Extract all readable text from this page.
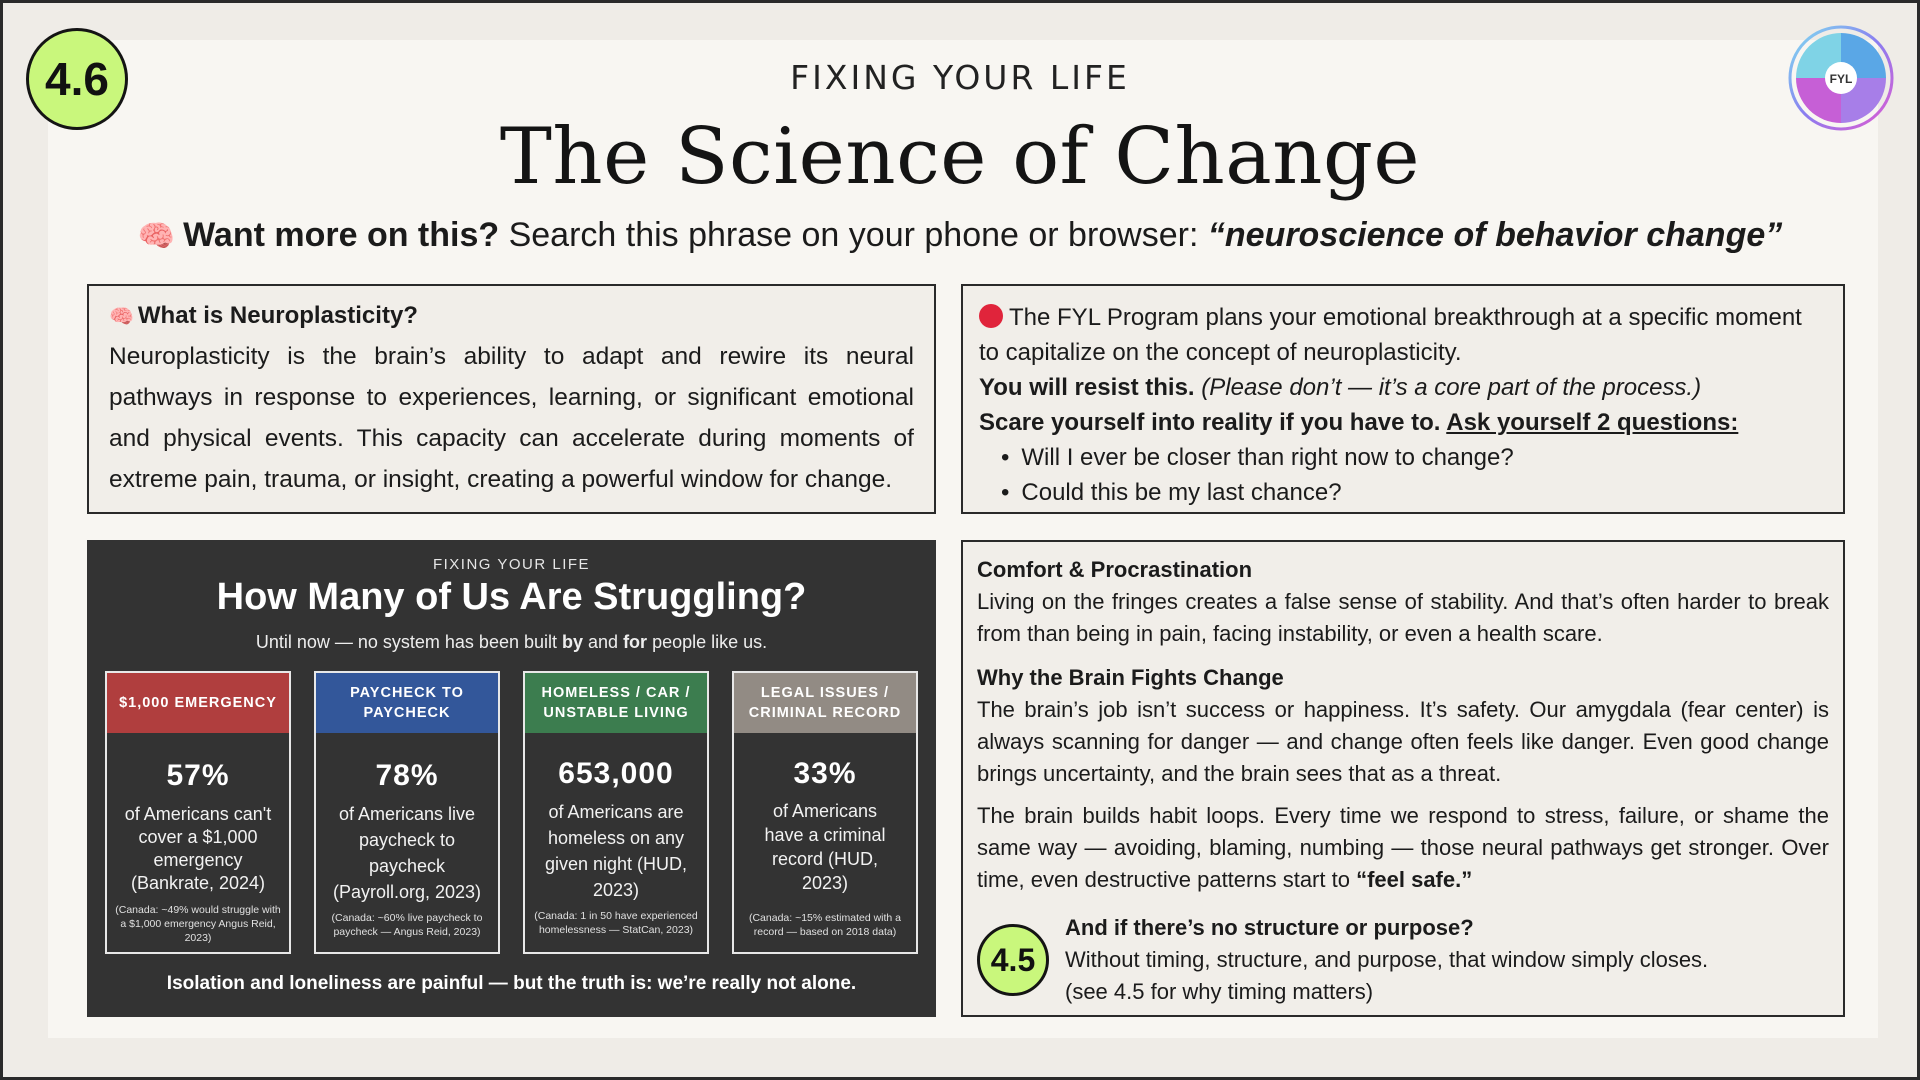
4.6	FYL
FIXING YOUR LIFE
The Science of Change
🧠 Want more on this? Search this phrase on your phone or browser: “neuroscience of behavior change”
🧠 What is Neuroplasticity?
Neuroplasticity is the brain’s ability to adapt and rewire its neural pathways in response to experiences, learning, or significant emotional and physical events. This capacity can accelerate during moments of extreme pain, trauma, or insight, creating a powerful window for change.
The FYL Program plans your emotional breakthrough at a specific moment to capitalize on the concept of neuroplasticity.
You will resist this. (Please don’t — it’s a core part of the process.)
Scare yourself into reality if you have to. Ask yourself 2 questions:
• Will I ever be closer than right now to change?
• Could this be my last chance?
FIXING YOUR LIFE
How Many of Us Are Struggling?
Until now — no system has been built by and for people like us.
$1,000 EMERGENCY
57%
of Americans can't cover a $1,000 emergency (Bankrate, 2024)
(Canada: ~49% would struggle with a $1,000 emergency Angus Reid, 2023)
PAYCHECK TO PAYCHECK
78%
of Americans live paycheck to paycheck (Payroll.org, 2023)
(Canada: ~60% live paycheck to paycheck — Angus Reid, 2023)
HOMELESS / CAR / UNSTABLE LIVING
653,000
of Americans are homeless on any given night (HUD, 2023)
(Canada: 1 in 50 have experienced homelessness — StatCan, 2023)
LEGAL ISSUES / CRIMINAL RECORD
33%
of Americans have a criminal record (HUD, 2023)
(Canada: ~15% estimated with a record — based on 2018 data)
Isolation and loneliness are painful — but the truth is: we’re really not alone.
Comfort & Procrastination

Living on the fringes creates a false sense of stability. And that’s often harder to break from than being in pain, facing instability, or even a health scare.

Why the Brain Fights Change

The brain’s job isn’t success or happiness. It’s safety. Our amygdala (fear center) is always scanning for danger — and change often feels like danger. Even good change brings uncertainty, and the brain sees that as a threat.

The brain builds habit loops. Every time we respond to stress, failure, or shame the same way — avoiding, blaming, numbing — those neural pathways get stronger. Over time, even destructive patterns start to “feel safe.”

4.5
And if there’s no structure or purpose?
Without timing, structure, and purpose, that window simply closes.
(see 4.5 for why timing matters)
